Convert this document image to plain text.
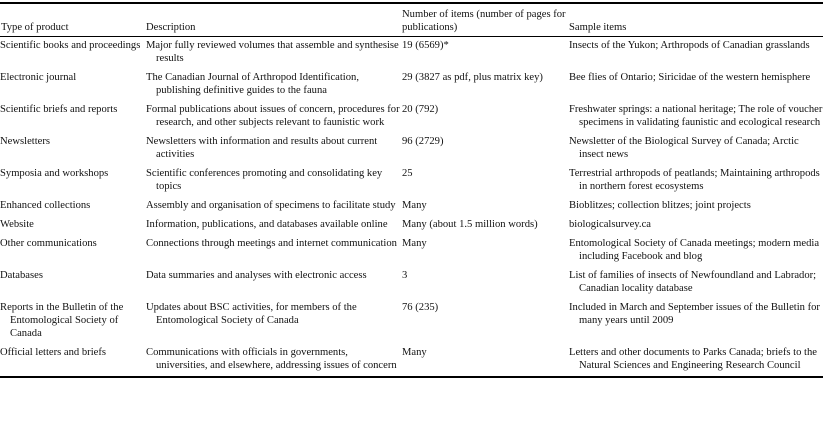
Type of product	Description	Number of items (number of pages for publications)	Sample items
Scientific books and proceedings	Major fully reviewed volumes that assemble and synthesise results	19 (6569)*	Insects of the Yukon; Arthropods of Canadian grasslands
Electronic journal	The Canadian Journal of Arthropod Identification, publishing definitive guides to the fauna	29 (3827 as pdf, plus matrix key)	Bee flies of Ontario; Siricidae of the western hemisphere
Scientific briefs and reports	Formal publications about issues of concern, procedures for research, and other subjects relevant to faunistic work	20 (792)	Freshwater springs: a national heritage; The role of voucher specimens in validating faunistic and ecological research
Newsletters	Newsletters with information and results about current activities	96 (2729)	Newsletter of the Biological Survey of Canada; Arctic insect news
Symposia and workshops	Scientific conferences promoting and consolidating key topics	25	Terrestrial arthropods of peatlands; Maintaining arthropods in northern forest ecosystems
Enhanced collections	Assembly and organisation of specimens to facilitate study	Many	Bioblitzes; collection blitzes; joint projects
Website	Information, publications, and databases available online	Many (about 1.5 million words)	biologicalsurvey.ca
Other communications	Connections through meetings and internet communication	Many	Entomological Society of Canada meetings; modern media including Facebook and blog
Databases	Data summaries and analyses with electronic access	3	List of families of insects of Newfoundland and Labrador; Canadian locality database
Reports in the Bulletin of the Entomological Society of Canada	Updates about BSC activities, for members of the Entomological Society of Canada	76 (235)	Included in March and September issues of the Bulletin for many years until 2009
Official letters and briefs	Communications with officials in governments, universities, and elsewhere, addressing issues of concern	Many	Letters and other documents to Parks Canada; briefs to the Natural Sciences and Engineering Research Council
